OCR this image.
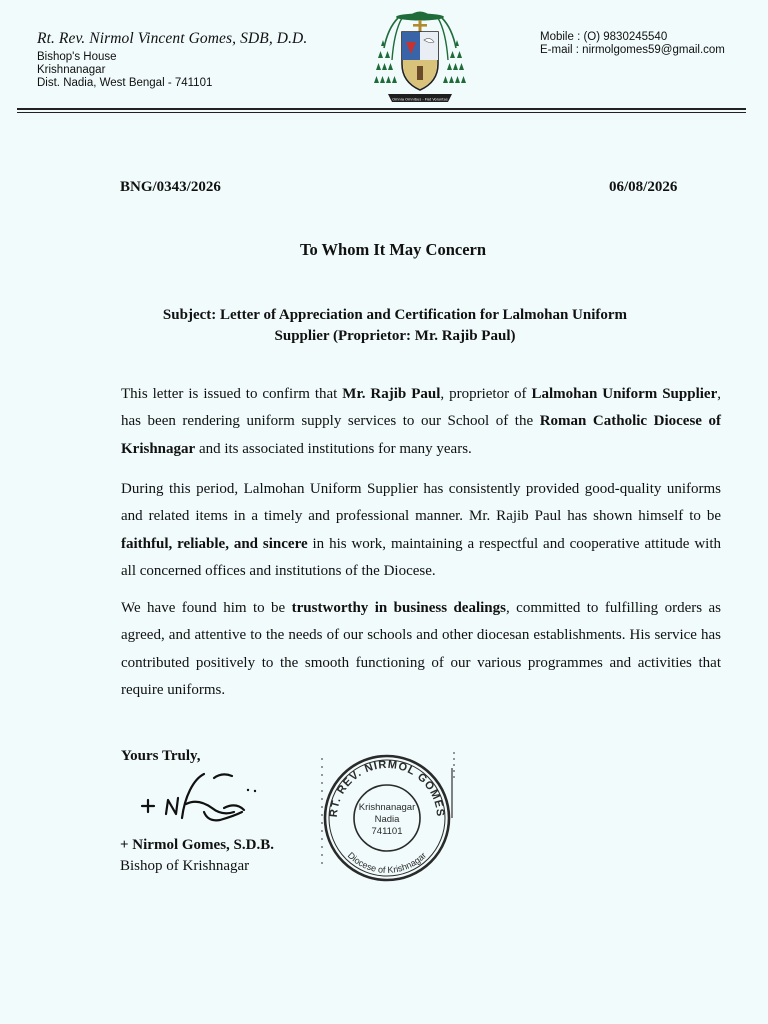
Rt. Rev. Nirmol Vincent Gomes, SDB, D.D.
Bishop's House
Krishnanagar
Dist. Nadia, West Bengal - 741101
Omnia Omnibus - Fiat Voluntas
Mobile : (O) 9830245540
E-mail : nirmolgomes59@gmail.com
BNG/0343/2026	06/08/2026
To Whom It May Concern
Subject: Letter of Appreciation and Certification for Lalmohan Uniform
Supplier (Proprietor: Mr. Rajib Paul)
This letter is issued to confirm that Mr. Rajib Paul, proprietor of Lalmohan Uniform Supplier, has been rendering uniform supply services to our School of the Roman Catholic Diocese of Krishnagar and its associated institutions for many years.
During this period, Lalmohan Uniform Supplier has consistently provided good-quality uniforms and related items in a timely and professional manner. Mr. Rajib Paul has shown himself to be faithful, reliable, and sincere in his work, maintaining a respectful and cooperative attitude with all concerned offices and institutions of the Diocese.
We have found him to be trustworthy in business dealings, committed to fulfilling orders as agreed, and attentive to the needs of our schools and other diocesan establishments. His service has contributed positively to the smooth functioning of our various programmes and activities that require uniforms.
Yours Truly,
+ Nirmol Gomes, S.D.B.
Bishop of Krishnagar
RT. REV. NIRMOL GOMES
Diocese of Krishnagar
Krishnanagar
Nadia
741101
